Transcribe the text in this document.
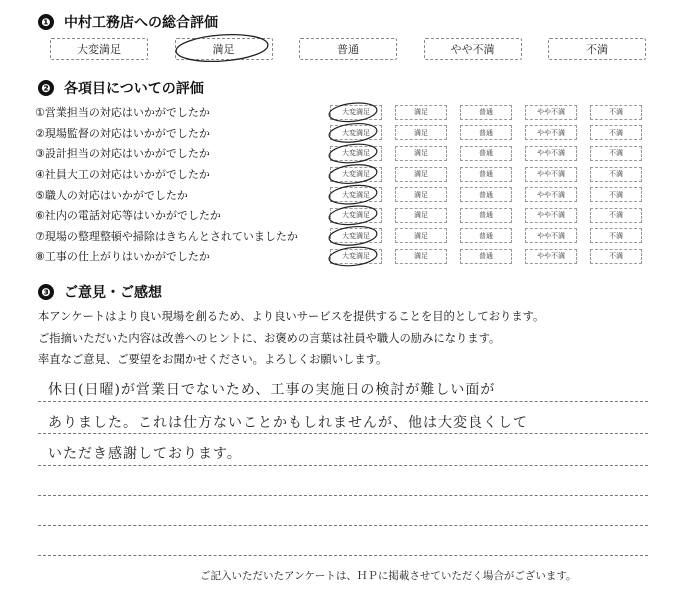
❶ 中村工務店への総合評価
大変満足	満足	普通	やや不満	不満
❷ 各項目についての評価
①営業担当の対応はいかがでしたか	大変満足	満足	普通	やや不満	不満
②現場監督の対応はいかがでしたか	大変満足	満足	普通	やや不満	不満
③設計担当の対応はいかがでしたか	大変満足	満足	普通	やや不満	不満
④社員大工の対応はいかがでしたか	大変満足	満足	普通	やや不満	不満
⑤職人の対応はいかがでしたか	大変満足	満足	普通	やや不満	不満
⑥社内の電話対応等はいかがでしたか	大変満足	満足	普通	やや不満	不満
⑦現場の整理整頓や掃除はきちんとされていましたか	大変満足	満足	普通	やや不満	不満
⑧工事の仕上がりはいかがでしたか	大変満足	満足	普通	やや不満	不満
❸ ご意見・ご感想
本アンケートはより良い現場を創るため、より良いサービスを提供することを目的としております。
ご指摘いただいた内容は改善へのヒントに、お褒めの言葉は社員や職人の励みになります。
率直なご意見、ご要望をお聞かせください。よろしくお願いします。
休日(日曜)が営業日でないため、工事の実施日の検討が難しい面が
ありました。これは仕方ないことかもしれませんが、他は大変良くして
いただき感謝しております。
ご記入いただいたアンケートは、ＨＰに掲載させていただく場合がございます。
